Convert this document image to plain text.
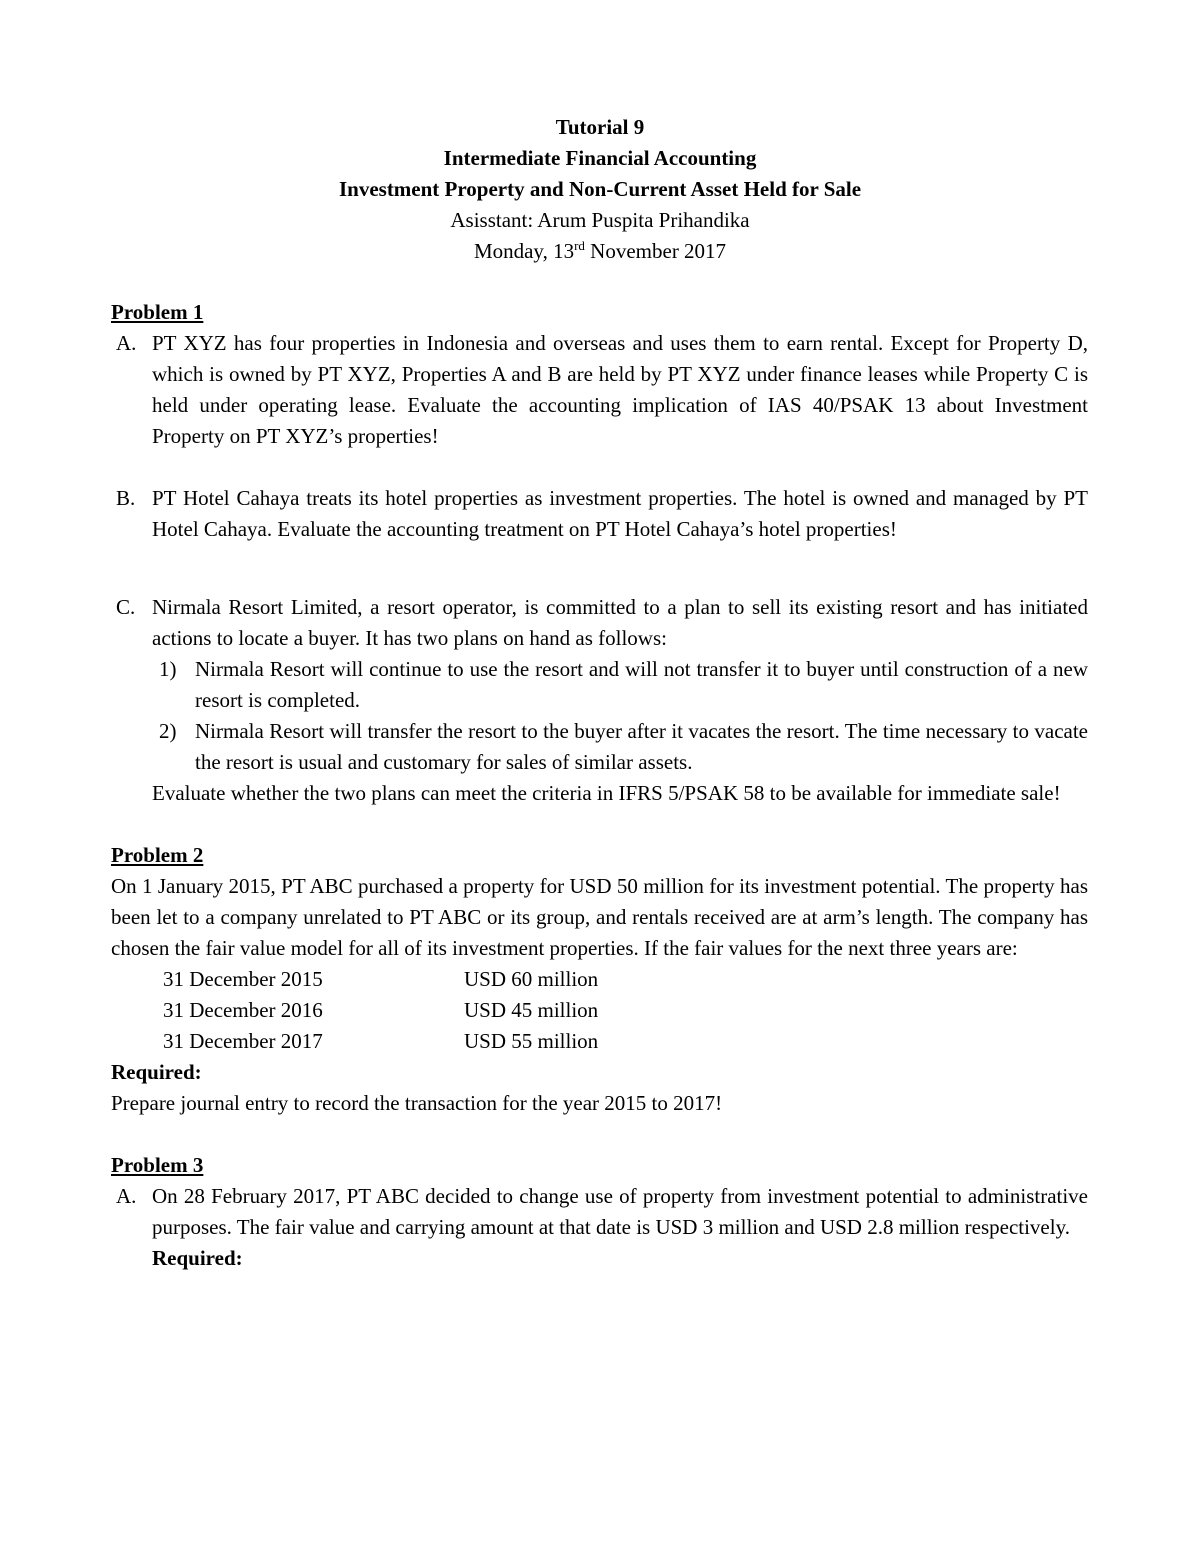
Tutorial 9
Intermediate Financial Accounting
Investment Property and Non-Current Asset Held for Sale
Asisstant: Arum Puspita Prihandika
Monday, 13rd November 2017
Problem 1
A. PT XYZ has four properties in Indonesia and overseas and uses them to earn rental. Except for Property D, which is owned by PT XYZ, Properties A and B are held by PT XYZ under finance leases while Property C is held under operating lease. Evaluate the accounting implication of IAS 40/PSAK 13 about Investment Property on PT XYZ’s properties!
B. PT Hotel Cahaya treats its hotel properties as investment properties. The hotel is owned and managed by PT Hotel Cahaya. Evaluate the accounting treatment on PT Hotel Cahaya’s hotel properties!
C. Nirmala Resort Limited, a resort operator, is committed to a plan to sell its existing resort and has initiated actions to locate a buyer. It has two plans on hand as follows:
1) Nirmala Resort will continue to use the resort and will not transfer it to buyer until construction of a new resort is completed.
2) Nirmala Resort will transfer the resort to the buyer after it vacates the resort. The time necessary to vacate the resort is usual and customary for sales of similar assets.
Evaluate whether the two plans can meet the criteria in IFRS 5/PSAK 58 to be available for immediate sale!
Problem 2
On 1 January 2015, PT ABC purchased a property for USD 50 million for its investment potential. The property has been let to a company unrelated to PT ABC or its group, and rentals received are at arm’s length. The company has chosen the fair value model for all of its investment properties. If the fair values for the next three years are:
31 December 2015	USD 60 million
31 December 2016	USD 45 million
31 December 2017	USD 55 million
Required:
Prepare journal entry to record the transaction for the year 2015 to 2017!
Problem 3
A. On 28 February 2017, PT ABC decided to change use of property from investment potential to administrative purposes. The fair value and carrying amount at that date is USD 3 million and USD 2.8 million respectively.
Required:
